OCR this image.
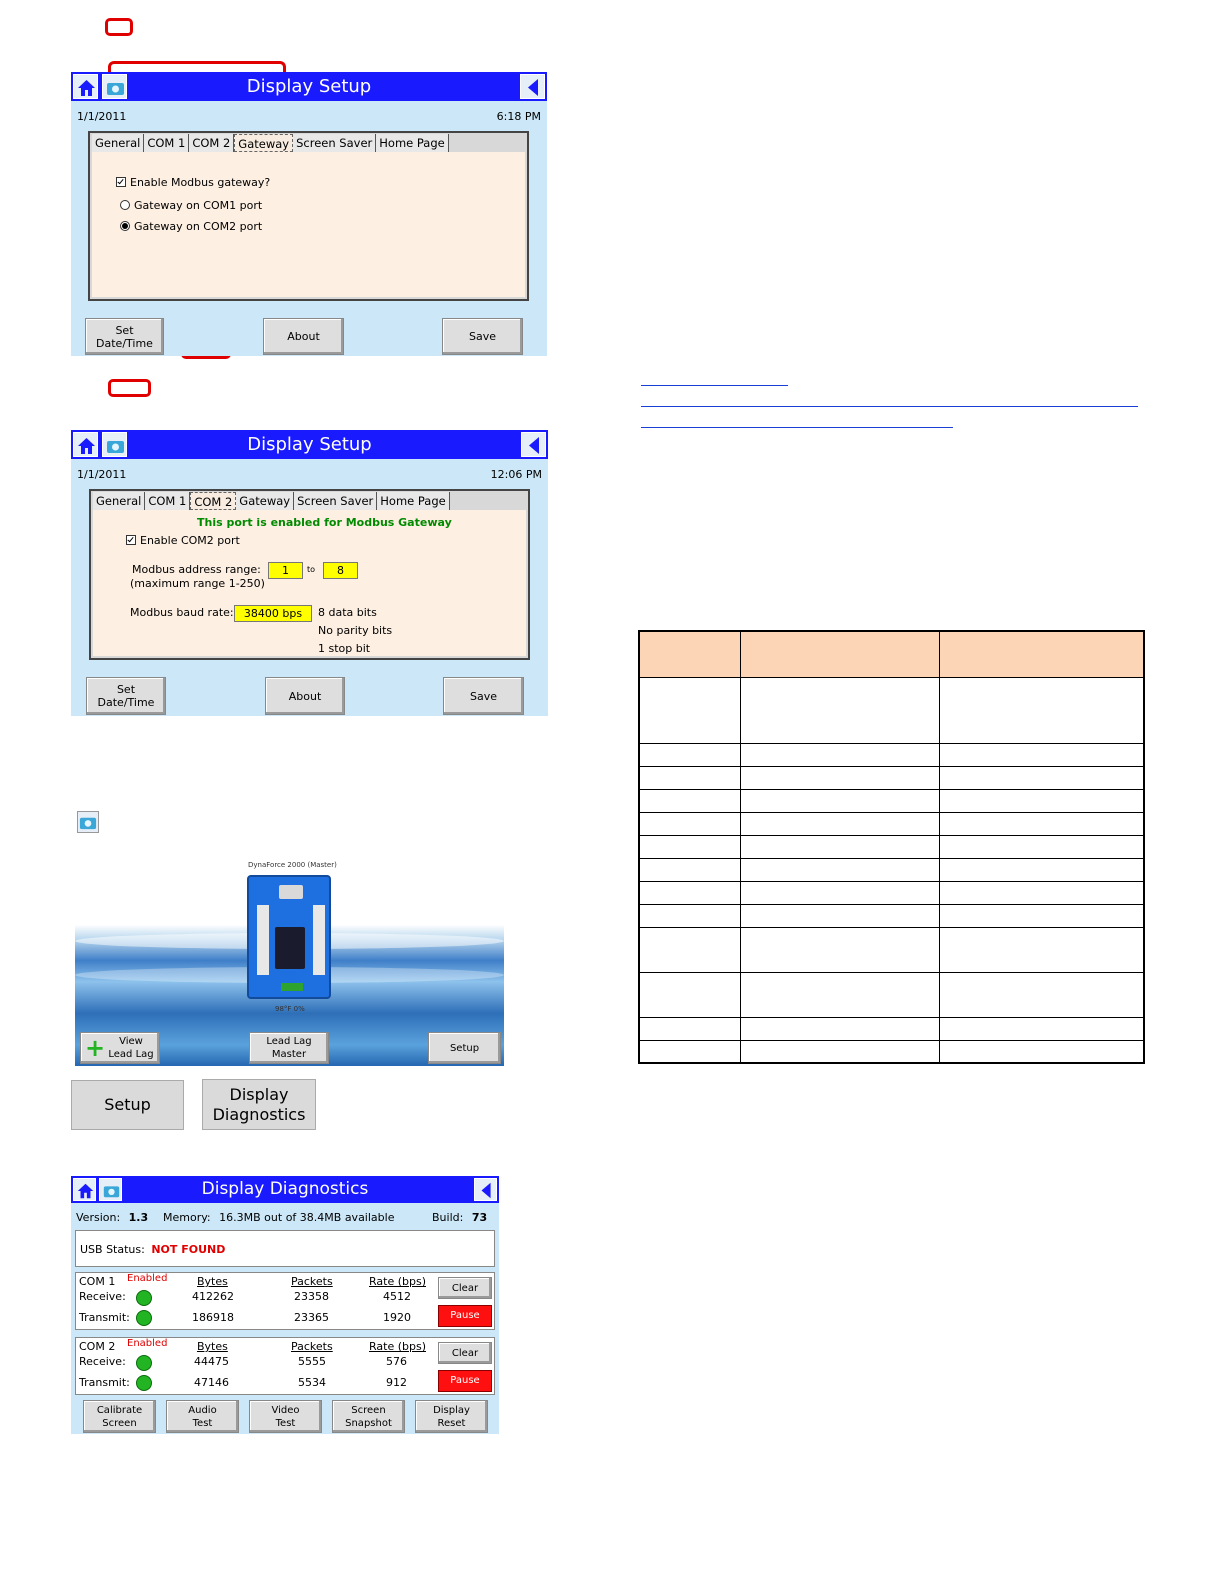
Display Setup
1/1/2011	6:18 PM
General COM 1 COM 2 Gateway Screen Saver Home Page
Enable Modbus gateway?
Gateway on COM1 port
Gateway on COM2 port
Set
Date/Time	About	Save
Display Setup
1/1/2011	12:06 PM
General COM 1 COM 2 Gateway Screen Saver Home Page
This port is enabled for Modbus Gateway
Enable COM2 port
Modbus address range:
(maximum range 1-250)
1	to	8
Modbus baud rate: 38400 bps	8 data bits
No parity bits
1 stop bit
Set
Date/Time	About	Save
DynaForce 2000 (Master)
98°F 0%
+	View
Lead Lag
Lead Lag
Master
Setup
Setup
Display
Diagnostics
Display Diagnostics
Version: 1.3 Memory: 16.3MB out of 38.4MB available	Build: 73
USB Status: NOT FOUND
COM 1 Enabled	Bytes	Packets	Rate (bps)
Receive:	412262	23358	4512
Transmit:	186918	23365	1920
Clear
Pause
COM 2 Enabled	Bytes	Packets	Rate (bps)
Receive:	44475	5555	576
Transmit:	47146	5534	912
Clear
Pause
Calibrate
Screen
Audio
Test
Video
Test
Screen
Snapshot
Display
Reset
